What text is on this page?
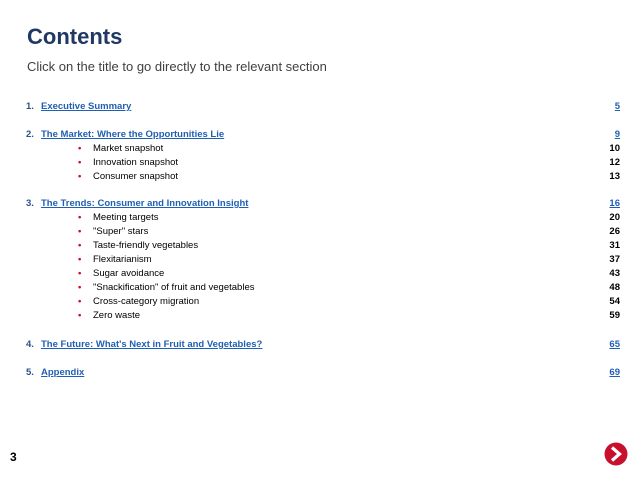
Contents
Click on the title to go directly to the relevant section
1. Executive Summary	5
2. The Market: Where the Opportunities Lie	9
• Market snapshot	10
• Innovation snapshot	12
• Consumer snapshot	13
3. The Trends: Consumer and Innovation Insight	16
• Meeting targets	20
• "Super" stars	26
• Taste-friendly vegetables	31
• Flexitarianism	37
• Sugar avoidance	43
• "Snackification" of fruit and vegetables	48
• Cross-category migration	54
• Zero waste	59
4. The Future: What's Next in Fruit and Vegetables?	65
5. Appendix	69
3
